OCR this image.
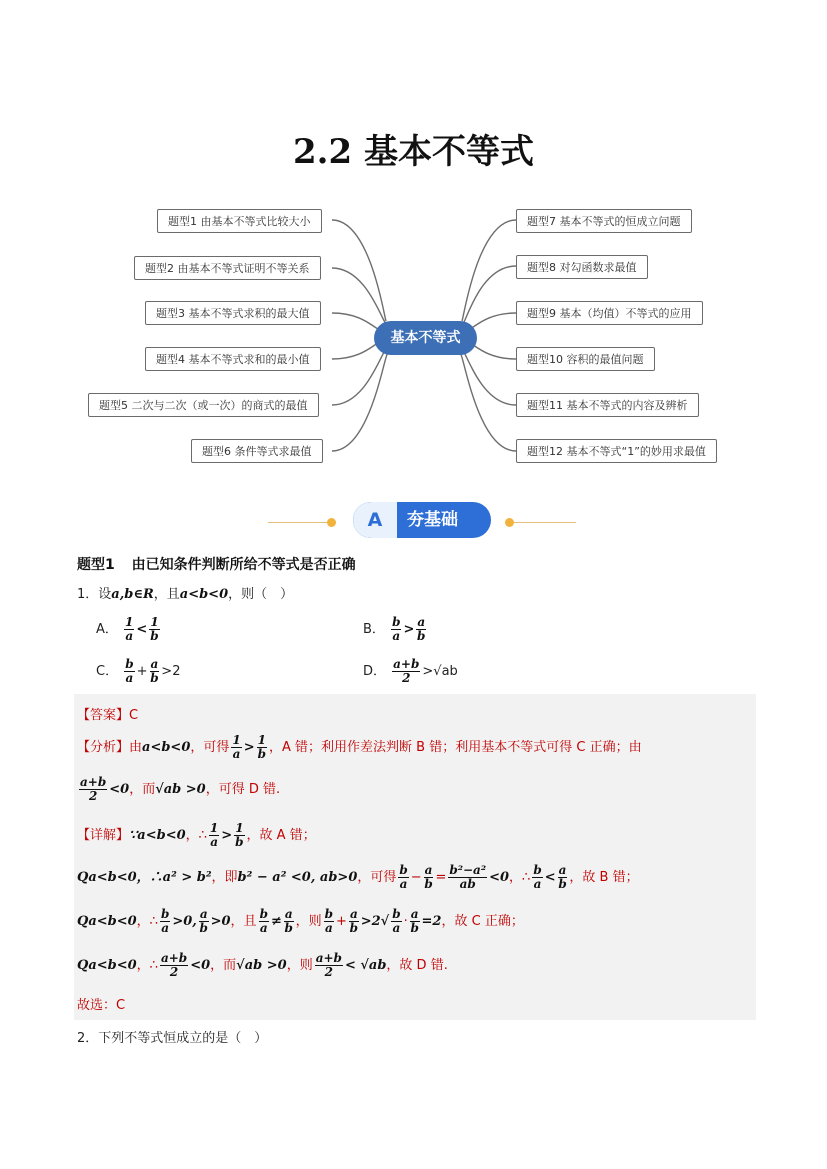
2.2 基本不等式
基本不等式
题型1 由基本不等式比较大小
题型2 由基本不等式证明不等关系
题型3 基本不等式求积的最大值
题型4 基本不等式求和的最小值
题型5 二次与二次（或一次）的商式的最值
题型6 条件等式求最值
题型7 基本不等式的恒成立问题
题型8 对勾函数求最值
题型9 基本（均值）不等式的应用
题型10 容积的最值问题
题型11 基本不等式的内容及辨析
题型12 基本不等式“1”的妙用求最值
A	夯基础
题型1 由已知条件判断所给不等式是否正确
1．设a,b∈R，且a<b<0，则（　）
A． $\frac{1}{a} < \frac{1}{b}$	B． $\frac{b}{a} > \frac{a}{b}$
C． $\frac{b}{a} + \frac{a}{b} >2$	D． $\frac{a+b}{2} >√ab$
【答案】C
【分析】由a<b<0，可得 $\frac{1}{a} > \frac{1}{b}$ ，A 错；利用作差法判断 B 错；利用基本不等式可得 C 正确；由
$\frac{a+b}{2} <0$，而√ab >0，可得 D 错.
【详解】∵a<b<0，∴ $\frac{1}{a} > \frac{1}{b}$ ，故 A 错；
Qa<b<0，∴a² > b²，即b² − a² <0, ab>0，可得 $\frac{b}{a} - \frac{a}{b} = \frac{\text{b²−a²}}{ab} <0$，∴ $\frac{b}{a} < \frac{a}{b}$ ，故 B 错；
Qa<b<0，∴ $\frac{b}{a} >0$, $\frac{a}{b} >0$，且 $\frac{b}{a} \ne \frac{a}{b}$ ，则 $\frac{b}{a} + \frac{a}{b} >2√ \frac{b}{a} \cdot \frac{a}{b} =2$，故 C 正确；
Qa<b<0，∴ $\frac{a+b}{2} <0$，而√ab >0，则 $\frac{a+b}{2} < √ab$，故 D 错.
故选：C
2．下列不等式恒成立的是（　）
